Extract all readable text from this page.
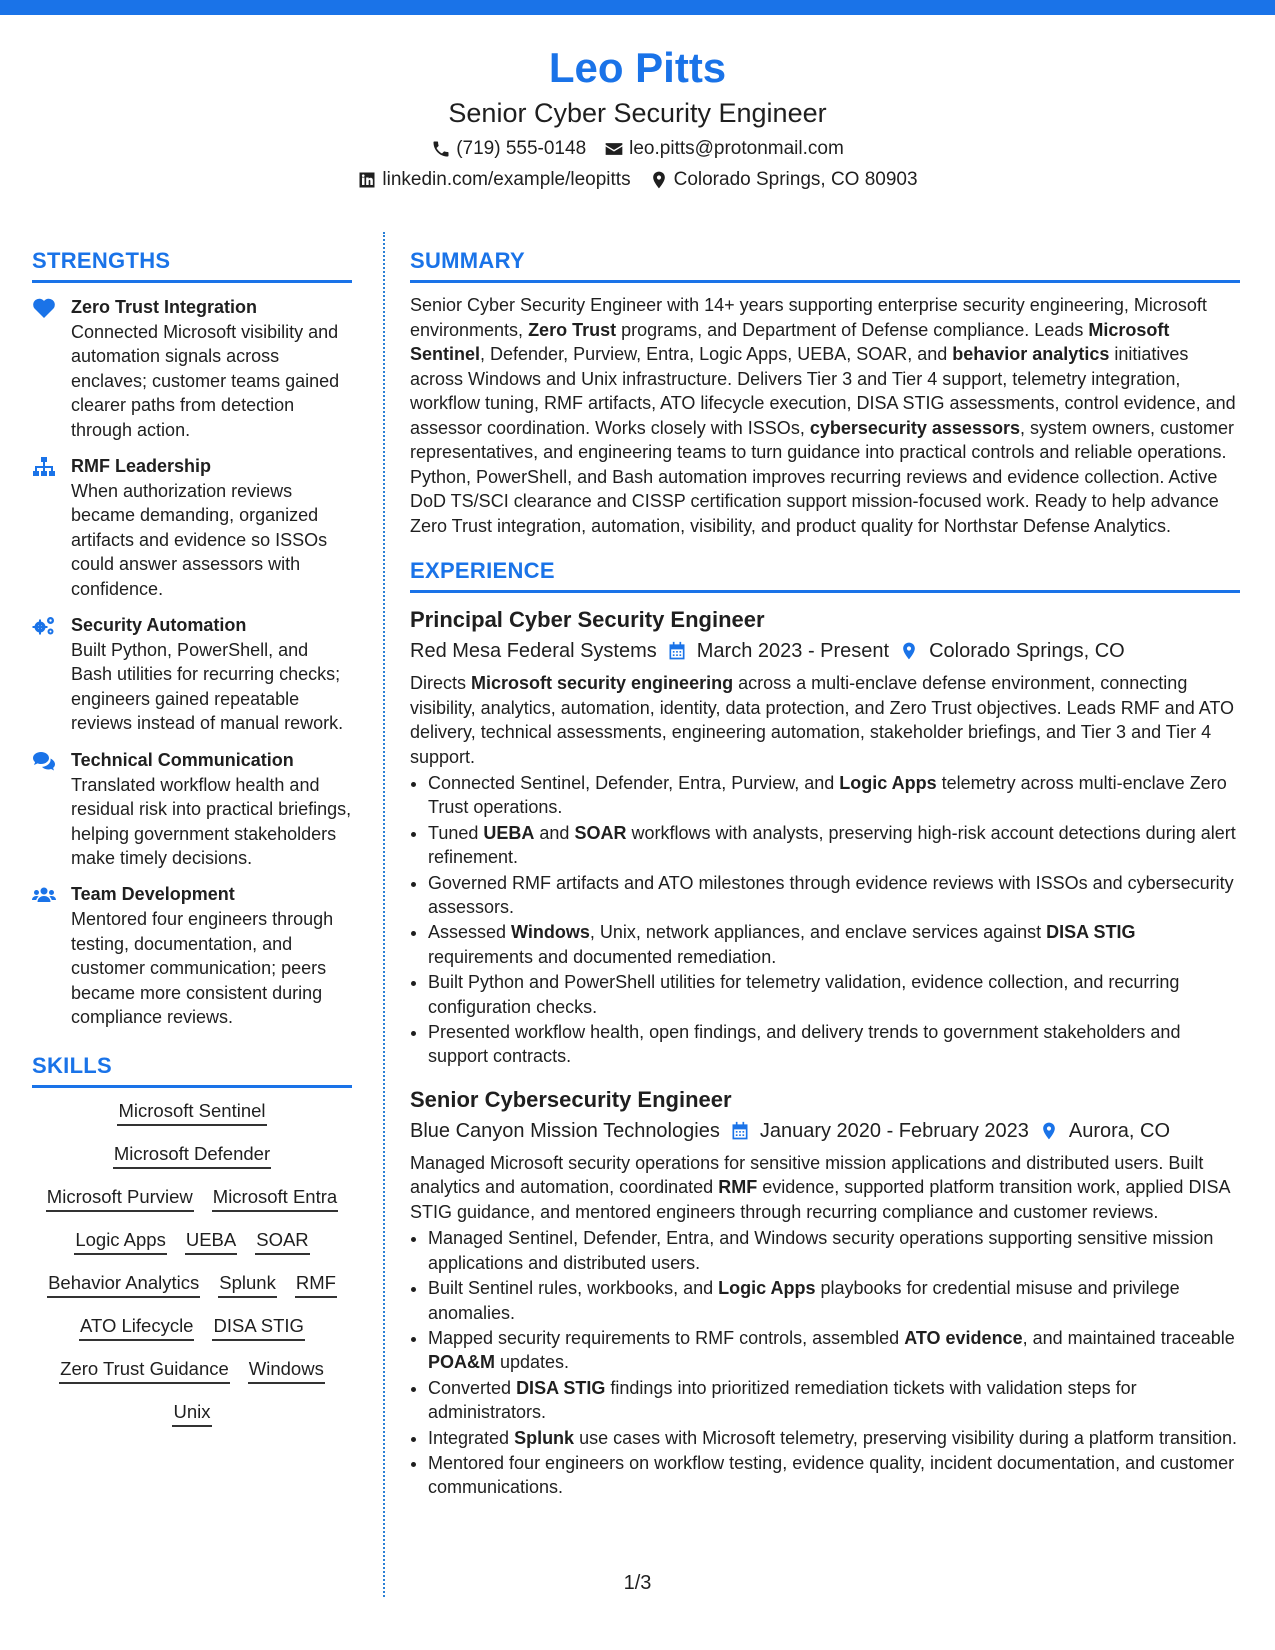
Leo Pitts
Senior Cyber Security Engineer
(719) 555-0148 leo.pitts@protonmail.com
linkedin.com/example/leopitts Colorado Springs, CO 80903
STRENGTHS
Zero Trust Integration
Connected Microsoft visibility and automation signals across enclaves; customer teams gained clearer paths from detection through action.
RMF Leadership
When authorization reviews became demanding, organized artifacts and evidence so ISSOs could answer assessors with confidence.
Security Automation
Built Python, PowerShell, and Bash utilities for recurring checks; engineers gained repeatable reviews instead of manual rework.
Technical Communication
Translated workflow health and residual risk into practical briefings, helping government stakeholders make timely decisions.
Team Development
Mentored four engineers through testing, documentation, and customer communication; peers became more consistent during compliance reviews.
SKILLS
Microsoft Sentinel
Microsoft Defender
Microsoft Purview Microsoft Entra
Logic Apps UEBA SOAR
Behavior Analytics Splunk RMF
ATO Lifecycle DISA STIG
Zero Trust Guidance Windows
Unix
SUMMARY
Senior Cyber Security Engineer with 14+ years supporting enterprise security engineering, Microsoft environments, Zero Trust programs, and Department of Defense compliance. Leads Microsoft Sentinel, Defender, Purview, Entra, Logic Apps, UEBA, SOAR, and behavior analytics initiatives across Windows and Unix infrastructure. Delivers Tier 3 and Tier 4 support, telemetry integration, workflow tuning, RMF artifacts, ATO lifecycle execution, DISA STIG assessments, control evidence, and assessor coordination. Works closely with ISSOs, cybersecurity assessors, system owners, customer representatives, and engineering teams to turn guidance into practical controls and reliable operations. Python, PowerShell, and Bash automation improves recurring reviews and evidence collection. Active DoD TS/SCI clearance and CISSP certification support mission-focused work. Ready to help advance Zero Trust integration, automation, visibility, and product quality for Northstar Defense Analytics.
EXPERIENCE
Principal Cyber Security Engineer
Red Mesa Federal Systems March 2023 - Present Colorado Springs, CO
Directs Microsoft security engineering across a multi-enclave defense environment, connecting visibility, analytics, automation, identity, data protection, and Zero Trust objectives. Leads RMF and ATO delivery, technical assessments, engineering automation, stakeholder briefings, and Tier 3 and Tier 4 support.
• Connected Sentinel, Defender, Entra, Purview, and Logic Apps telemetry across multi-enclave Zero Trust operations.
• Tuned UEBA and SOAR workflows with analysts, preserving high-risk account detections during alert refinement.
• Governed RMF artifacts and ATO milestones through evidence reviews with ISSOs and cybersecurity assessors.
• Assessed Windows, Unix, network appliances, and enclave services against DISA STIG requirements and documented remediation.
• Built Python and PowerShell utilities for telemetry validation, evidence collection, and recurring configuration checks.
• Presented workflow health, open findings, and delivery trends to government stakeholders and support contracts.
Senior Cybersecurity Engineer
Blue Canyon Mission Technologies January 2020 - February 2023 Aurora, CO
Managed Microsoft security operations for sensitive mission applications and distributed users. Built analytics and automation, coordinated RMF evidence, supported platform transition work, applied DISA STIG guidance, and mentored engineers through recurring compliance and customer reviews.
• Managed Sentinel, Defender, Entra, and Windows security operations supporting sensitive mission applications and distributed users.
• Built Sentinel rules, workbooks, and Logic Apps playbooks for credential misuse and privilege anomalies.
• Mapped security requirements to RMF controls, assembled ATO evidence, and maintained traceable POA&M updates.
• Converted DISA STIG findings into prioritized remediation tickets with validation steps for administrators.
• Integrated Splunk use cases with Microsoft telemetry, preserving visibility during a platform transition.
• Mentored four engineers on workflow testing, evidence quality, incident documentation, and customer communications.
1/3
